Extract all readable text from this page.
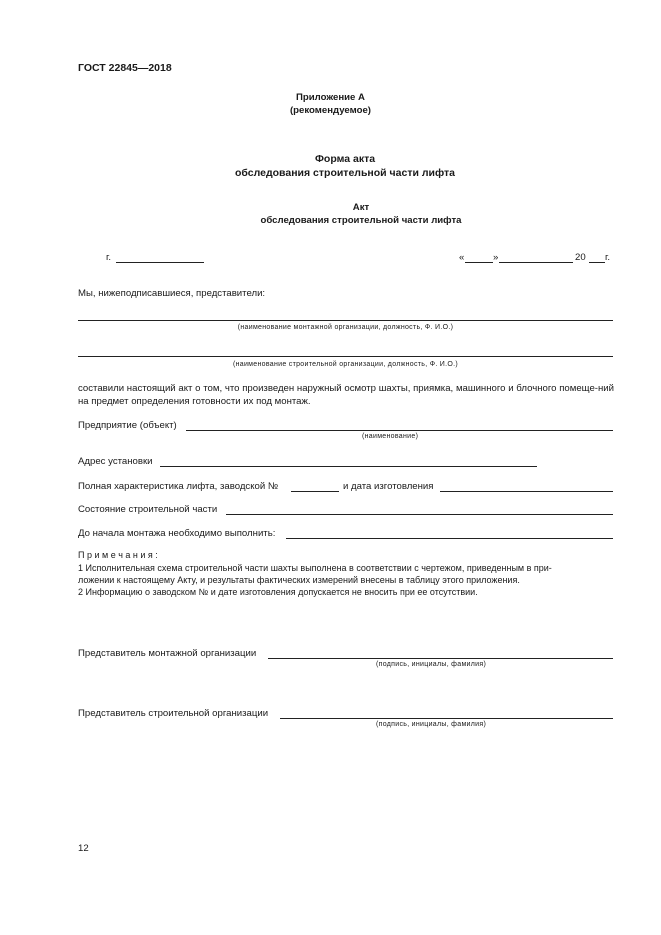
ГОСТ 22845—2018
Приложение А
(рекомендуемое)
Форма акта
обследования строительной части лифта
Акт
обследования строительной части лифта
г.	«	»	20 г.
Мы, нижеподписавшиеся, представители:
(наименование монтажной организации, должность, Ф. И.О.)
(наименование строительной организации, должность, Ф. И.О.)
составили настоящий акт о том, что произведен наружный осмотр шахты, приямка, машинного и блочного помеще-ний на предмет определения готовности их под монтаж.
Предприятие (объект)
(наименование)
Адрес установки
Полная характеристика лифта, заводской №	и дата изготовления
Состояние строительной части
До начала монтажа необходимо выполнить:
П р и м е ч а н и я :
1 Исполнительная схема строительной части шахты выполнена в соответствии с чертежом, приведенным в при-
ложении к настоящему Акту, и результаты фактических измерений внесены в таблицу этого приложения.
2 Информацию о заводском № и дате изготовления допускается не вносить при ее отсутствии.
Представитель монтажной организации
(подпись, инициалы, фамилия)
Представитель строительной организации
(подпись, инициалы, фамилия)
12
